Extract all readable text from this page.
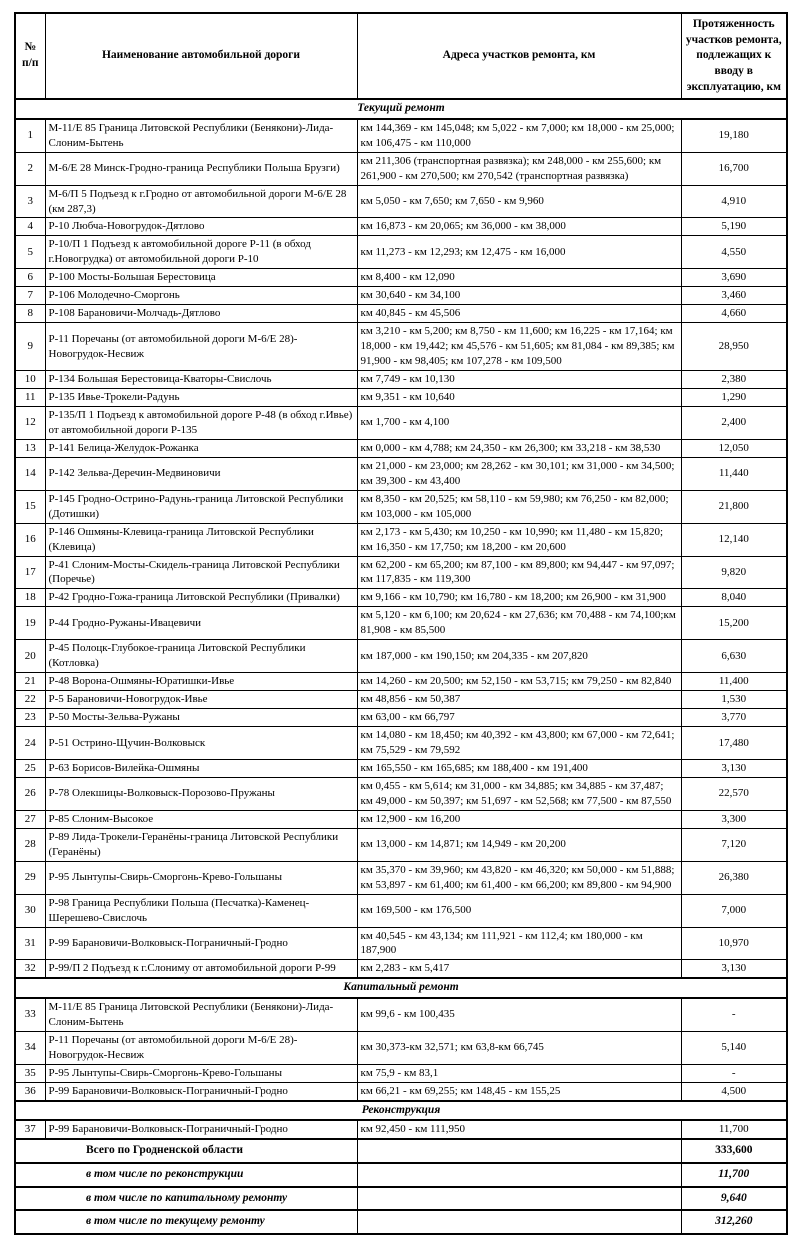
№ п/п	Наименование автомобильной дороги	Адреса участков ремонта, км	Протяженность участков ремонта, подлежащих к вводу в эксплуатацию, км
Текущий ремонт			
1	М-11/Е 85 Граница Литовской Республики (Бенякони)-Лида-Слоним-Бытень	км 144,369 - км 145,048; км 5,022 - км 7,000; км 18,000 - км 25,000; км 106,475 - км 110,000	19,180
2	М-6/Е 28 Минск-Гродно-граница Республики Польша Брузги)	км 211,306 (транспортная развязка); км 248,000 - км 255,600; км 261,900 - км 270,500; км 270,542 (транспортная развязка)	16,700
3	М-6/П 5 Подъезд к г.Гродно от автомобильной дороги М-6/Е 28 (км 287,3)	км 5,050 - км 7,650; км 7,650 - км 9,960	4,910
4	Р-10 Любча-Новогрудок-Дятлово	км 16,873 - км 20,065; км 36,000 - км 38,000	5,190
5	Р-10/П 1 Подъезд к автомобильной дороге Р-11 (в обход г.Новогрудка) от автомобильной дороги Р-10	км 11,273 - км 12,293; км 12,475 - км 16,000	4,550
6	Р-100 Мосты-Большая Берестовица	км 8,400 - км 12,090	3,690
7	Р-106 Молодечно-Сморгонь	км 30,640 - км 34,100	3,460
8	Р-108 Барановичи-Молчадь-Дятлово	км 40,845 - км 45,506	4,660
9	Р-11 Поречаны (от автомобильной дороги М-6/Е 28)-Новогрудок-Несвиж	км 3,210 - км 5,200; км 8,750 - км 11,600; км 16,225 - км 17,164; км 18,000 - км 19,442; км 45,576 - км 51,605; км 81,084 - км 89,385; км 91,900 - км 98,405; км 107,278 - км 109,500	28,950
10	Р-134 Большая Берестовица-Кваторы-Свислочь	км 7,749 - км 10,130	2,380
11	Р-135 Ивье-Трокели-Радунь	км 9,351 - км 10,640	1,290
12	Р-135/П 1 Подъезд к автомобильной дороге Р-48 (в обход г.Ивье) от автомобильной дороги Р-135	км 1,700 - км 4,100	2,400
13	Р-141 Белица-Желудок-Рожанка	км 0,000 - км 4,788; км 24,350 - км 26,300; км 33,218 - км 38,530	12,050
14	Р-142 Зельва-Деречин-Медвиновичи	км 21,000 - км 23,000; км 28,262 - км 30,101; км 31,000 - км 34,500; км 39,300 - км 43,400	11,440
15	Р-145 Гродно-Острино-Радунь-граница Литовской Республики (Дотишки)	км 8,350 - км 20,525; км 58,110 - км 59,980; км 76,250 - км 82,000; км 103,000 - км 105,000	21,800
16	Р-146 Ошмяны-Клевица-граница Литовской Республики (Клевица)	км 2,173 - км 5,430; км 10,250 - км 10,990; км 11,480 - км 15,820; км 16,350 - км 17,750; км 18,200 - км 20,600	12,140
17	Р-41 Слоним-Мосты-Скидель-граница Литовской Республики (Поречье)	км 62,200 - км 65,200; км 87,100 - км 89,800; км 94,447 - км 97,097; км 117,835 - км 119,300	9,820
18	Р-42 Гродно-Гожа-граница Литовской Республики (Привалки)	км 9,166 - км 10,790; км 16,780 - км 18,200; км 26,900 - км 31,900	8,040
19	Р-44 Гродно-Ружаны-Ивацевичи	км 5,120 - км 6,100; км 20,624 - км 27,636; км 70,488 - км 74,100;км 81,908 - км 85,500	15,200
20	Р-45 Полоцк-Глубокое-граница Литовской Республики (Котловка)	км 187,000 - км 190,150; км 204,335 - км 207,820	6,630
21	Р-48 Ворона-Ошмяны-Юратишки-Ивье	км 14,260 - км 20,500; км 52,150 - км 53,715; км 79,250 - км 82,840	11,400
22	Р-5 Барановичи-Новогрудок-Ивье	км 48,856 - км 50,387	1,530
23	Р-50 Мосты-Зельва-Ружаны	км 63,00 - км 66,797	3,770
24	Р-51 Острино-Щучин-Волковыск	км 14,080 - км 18,450; км 40,392 - км 43,800; км 67,000 - км 72,641; км 75,529 - км 79,592	17,480
25	Р-63 Борисов-Вилейка-Ошмяны	км 165,550 - км 165,685; км 188,400 - км 191,400	3,130
26	Р-78 Олекшицы-Волковыск-Порозово-Пружаны	км 0,455 - км 5,614; км 31,000 - км 34,885; км 34,885 - км 37,487; км 49,000 - км 50,397; км 51,697 - км 52,568; км 77,500 - км 87,550	22,570
27	Р-85 Слоним-Высокое	км 12,900 - км 16,200	3,300
28	Р-89 Лида-Трокели-Геранёны-граница Литовской Республики (Геранёны)	км 13,000 - км 14,871; км 14,949 - км 20,200	7,120
29	Р-95 Лынтупы-Свирь-Сморгонь-Крево-Гольшаны	км 35,370 - км 39,960; км 43,820 - км 46,320; км 50,000 - км 51,888; км 53,897 - км 61,400; км 61,400 - км 66,200; км 89,800 - км 94,900	26,380
30	Р-98 Граница Республики Польша (Песчатка)-Каменец-Шерешево-Свислочь	км 169,500 - км 176,500	7,000
31	Р-99 Барановичи-Волковыск-Пограничный-Гродно	км 40,545 - км 43,134; км 111,921 - км 112,4; км 180,000 - км 187,900	10,970
32	Р-99/П 2 Подъезд к г.Слониму от автомобильной дороги Р-99	км 2,283 - км 5,417	3,130
Капитальный ремонт			
33	М-11/Е 85 Граница Литовской Республики (Бенякони)-Лида-Слоним-Бытень	км 99,6 - км 100,435	-
34	Р-11 Поречаны (от автомобильной дороги М-6/Е 28)-Новогрудок-Несвиж	км 30,373-км 32,571; км 63,8-км 66,745	5,140
35	Р-95 Лынтупы-Свирь-Сморгонь-Крево-Гольшаны	км 75,9 - км 83,1	-
36	Р-99 Барановичи-Волковыск-Пограничный-Гродно	км 66,21 - км 69,255; км 148,45 - км 155,25	4,500
Реконструкция			
37	Р-99 Барановичи-Волковыск-Пограничный-Гродно	км 92,450 - км 111,950	11,700
Всего по Гродненской области			333,600
в том числе по реконструкции			11,700
в том числе по капитальному ремонту			9,640
в том числе по текущему ремонту			312,260
